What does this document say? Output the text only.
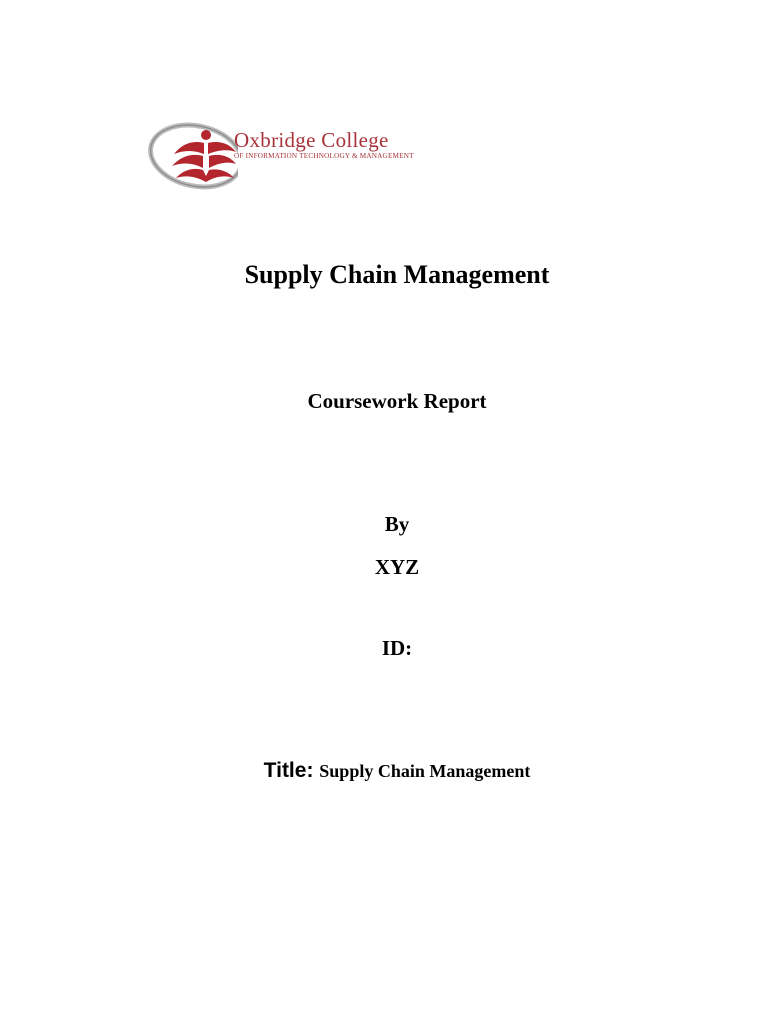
Oxbridge College
OF INFORMATION TECHNOLOGY & MANAGEMENT
Supply Chain Management
Coursework Report
By
XYZ
ID:
Title: Supply Chain Management
